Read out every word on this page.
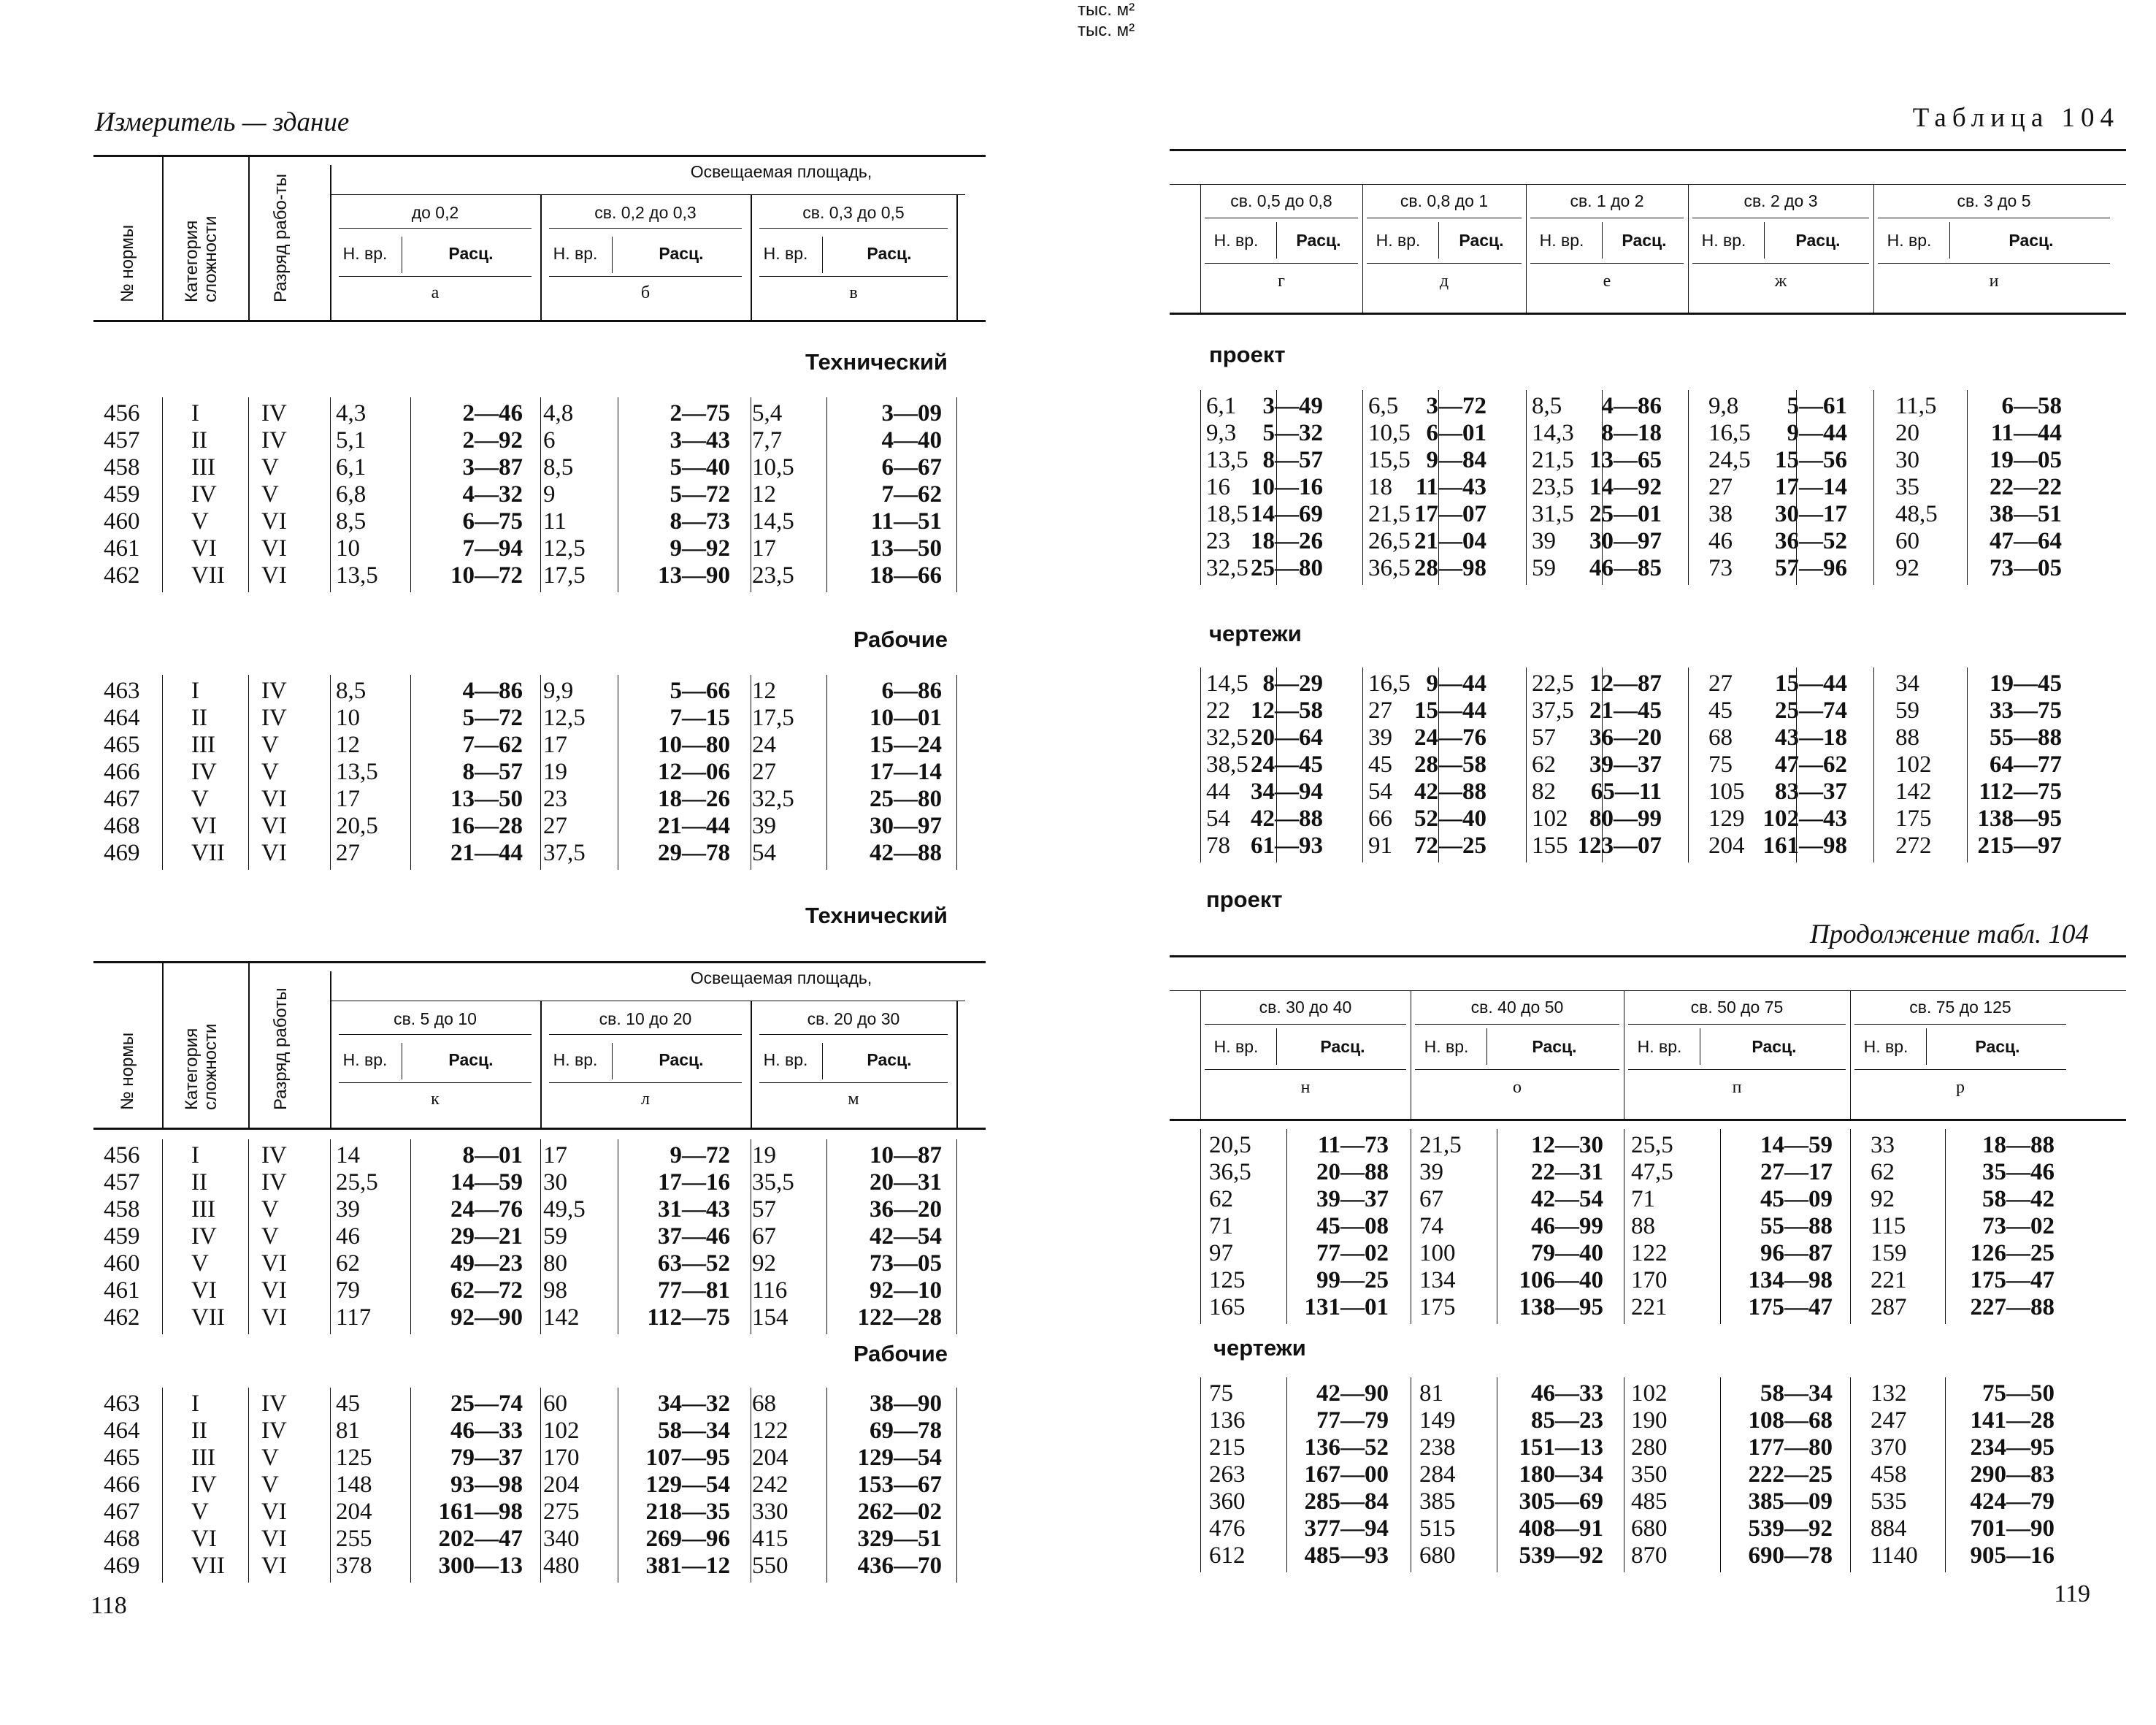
Измеритель — здание
№ нормы	Категория сложности	Разряд рабо-ты
Освещаемая площадь,
до 0,2
Н. вр.	Расц.
а
св. 0,2 до 0,3
Н. вр.	Расц.
б
св. 0,3 до 0,5
Н. вр.	Расц.
в
Технический
456	I	IV	4,3	2—46 4,8	2—75 5,4	3—09
457	II	IV	5,1	2—92 6	3—43 7,7	4—40
458	III	V	6,1	3—87 8,5	5—40 10,5	6—67
459	IV	V	6,8	4—32 9	5—72 12	7—62
460	V	VI	8,5	6—75 11	8—73 14,5	11—51
461	VI	VI	10	7—94 12,5	9—92 17	13—50
462	VII	VI	13,5	10—72 17,5	13—90 23,5	18—66
Рабочие
463	I	IV	8,5	4—86 9,9	5—66 12	6—86
464	II	IV	10	5—72 12,5	7—15 17,5	10—01
465	III	V	12	7—62 17	10—80 24	15—24
466	IV	V	13,5	8—57 19	12—06 27	17—14
467	V	VI	17	13—50 23	18—26 32,5	25—80
468	VI	VI	20,5	16—28 27	21—44 39	30—97
469	VII	VI	27	21—44 37,5	29—78 54	42—88
Технический
№ нормы	Категория сложности	Разряд работы
Освещаемая площадь,
св. 5 до 10
Н. вр.	Расц.
к
св. 10 до 20
Н. вр.	Расц.
л
св. 20 до 30
Н. вр.	Расц.
м
456	I	IV	14	8—01 17	9—72 19	10—87
457	II	IV	25,5	14—59 30	17—16 35,5	20—31
458	III	V	39	24—76 49,5	31—43 57	36—20
459	IV	V	46	29—21 59	37—46 67	42—54
460	V	VI	62	49—23 80	63—52 92	73—05
461	VI	VI	79	62—72 98	77—81 116	92—10
462	VII	VI	117	92—90 142	112—75 154	122—28
Рабочие
463	I	IV	45	25—74 60	34—32 68	38—90
464	II	IV	81	46—33 102	58—34 122	69—78
465	III	V	125	79—37 170	107—95 204	129—54
466	IV	V	148	93—98 204	129—54 242	153—67
467	V	VI	204	161—98 275	218—35 330	262—02
468	VI	VI	255	202—47 340	269—96 415	329—51
469	VII	VI	378	300—13 480	381—12 550	436—70
118
Таблица 104
тыс. м²
св. 0,5 до 0,8
Н. вр.	Расц.
г
св. 0,8 до 1
Н. вр.	Расц.
д
св. 1 до 2
Н. вр.	Расц.
е
св. 2 до 3
Н. вр.	Расц.
ж
св. 3 до 5
Н. вр.	Расц.
и
проект
6,1	3—49 6,5	3—72 8,5	4—86 9,8	5—61 11,5	6—58
9,3	5—32 10,5 6—01 14,3	8—18 16,5	9—44 20	11—44
13,5 8—57 15,5 9—84 21,5 13—65 24,5	15—56 30	19—05
16 10—16 18 11—43 23,5 14—92 27	17—14 35	22—22
18,5 14—69 21,5 17—07 31,5 25—01 38	30—17 48,5	38—51
23 18—26 26,5 21—04 39	30—97 46	36—52 60	47—64
32,5 25—80 36,5 28—98 59	46—85 73	57—96 92	73—05
чертежи
14,5 8—29 16,5 9—44 22,5 12—87 27	15—44 34	19—45
22 12—58 27 15—44 37,5 21—45 45	25—74 59	33—75
32,5 20—64 39 24—76 57	36—20 68	43—18 88	55—88
38,5 24—45 45 28—58 62	39—37 75	47—62 102	64—77
44 34—94 54 42—88 82	65—11 105	83—37 142	112—75
54 42—88 66 52—40 102 80—99 129 102—43 175	138—95
78 61—93 91 72—25 155 123—07 204 161—98 272	215—97
проект
Продолжение табл. 104
тыс. м²
св. 30 до 40
Н. вр.	Расц.
н
св. 40 до 50
Н. вр.	Расц.
о
св. 50 до 75
Н. вр.	Расц.
п
св. 75 до 125
Н. вр.	Расц.
р
20,5	11—73 21,5	12—30 25,5	14—59 33	18—88
36,5	20—88 39	22—31 47,5	27—17 62	35—46
62	39—37 67	42—54 71	45—09 92	58—42
71	45—08 74	46—99 88	55—88 115	73—02
97	77—02 100	79—40 122	96—87 159	126—25
125	99—25 134	106—40 170	134—98 221	175—47
165	131—01 175	138—95 221	175—47 287	227—88
чертежи
75	42—90 81	46—33 102	58—34 132	75—50
136	77—79 149	85—23 190	108—68 247	141—28
215	136—52 238	151—13 280	177—80 370	234—95
263	167—00 284	180—34 350	222—25 458	290—83
360	285—84 385	305—69 485	385—09 535	424—79
476	377—94 515	408—91 680	539—92 884	701—90
612	485—93 680	539—92 870	690—78 1140	905—16
119
